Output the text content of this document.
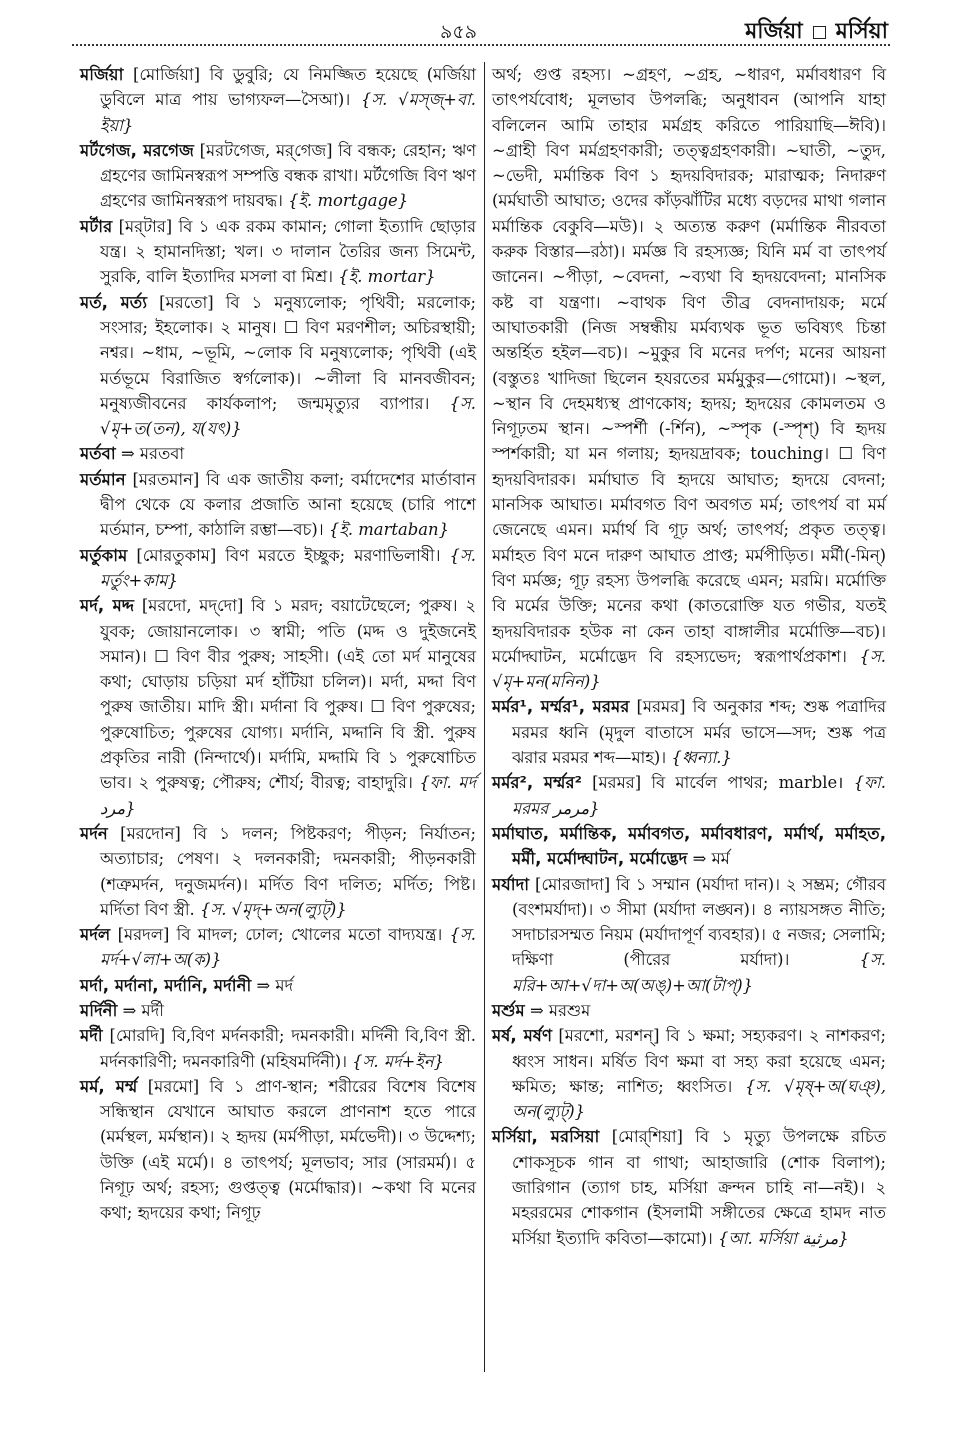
৯৫৯	মর্জিয়া মর্সিয়া
মর্জিয়া [মোর্জিয়া] বি ডুবুরি; যে নিমজ্জিত হয়েছে (মর্জিয়া ডুবিলে মাত্র পায় ভাগ্যফল—সৈআ)। {স. √মস্‌জ্‌+বা. ইয়া}
মর্টগেজ, মরগেজ [মরটগেজ, মর্‌গেজ] বি বন্ধক; রেহান; ঋণ গ্রহণের জামিনস্বরূপ সম্পত্তি বন্ধক রাখা। মর্টগেজি বিণ ঋণ গ্রহণের জামিনস্বরূপ দায়বদ্ধ। {ই. mortgage}
মর্টার [মর্‌টার] বি ১ এক রকম কামান; গোলা ইত্যাদি ছোড়ার যন্ত্র। ২ হামানদিস্তা; খল। ৩ দালান তৈরির জন্য সিমেন্ট, সুরকি, বালি ইত্যাদির মসলা বা মিশ্র। {ই. mortar}
মর্ত, মর্ত্য [মরতো] বি ১ মনুষ্যলোক; পৃথিবী; মরলোক; সংসার; ইহলোক। ২ মানুষ। ☐ বিণ মরণশীল; অচিরস্থায়ী; নশ্বর। ~ধাম, ~ভূমি, ~লোক বি মনুষ্যলোক; পৃথিবী (এই মর্তভূমে বিরাজিত স্বর্গলোক)। ~লীলা বি মানবজীবন; মনুষ্যজীবনের কার্যকলাপ; জন্মমৃত্যুর ব্যাপার। {স. √মৃ+ত(তন), য(যৎ)}
মর্তবা ⇒ মরতবা
মর্তমান [মরতমান] বি এক জাতীয় কলা; বর্মাদেশের মার্তাবান দ্বীপ থেকে যে কলার প্রজাতি আনা হয়েছে (চারি পাশে মর্তমান, চম্পা, কাঠালি রম্ভা—বচ)। {ই. martaban}
মর্তুকাম [মোরতুকাম] বিণ মরতে ইচ্ছুক; মরণাভিলাষী। {স. মর্তুং+কাম}
মর্দ, মদ্দ [মরদো, মদ্‌দো] বি ১ মরদ; বয়াটেছেলে; পুরুষ। ২ যুবক; জোয়ানলোক। ৩ স্বামী; পতি (মদ্দ ও দুইজনেই সমান)। ☐ বিণ বীর পুরুষ; সাহসী। (এই তো মর্দ মানুষের কথা; ঘোড়ায় চড়িয়া মর্দ হাঁটিয়া চলিল)। মর্দা, মদ্দা বিণ পুরুষ জাতীয়। মাদি স্ত্রী। মর্দানা বি পুরুষ। ☐ বিণ পুরুষের; পুরুষোচিত; পুরুষের যোগ্য। মর্দানি, মদ্দানি বি স্ত্রী. পুরুষ প্রকৃতির নারী (নিন্দার্থে)। মর্দামি, মদ্দামি বি ১ পুরুষোচিত ভাব। ২ পুরুষত্ব; পৌরুষ; শৌর্য; বীরত্ব; বাহাদুরি। {ফা. মর্দ مرد}
মর্দন [মরদোন] বি ১ দলন; পিষ্টকরণ; পীড়ন; নির্যাতন; অত্যাচার; পেষণ। ২ দলনকারী; দমনকারী; পীড়নকারী (শত্রুমর্দন, দনুজমর্দন)। মর্দিত বিণ দলিত; মর্দিত; পিষ্ট। মর্দিতা বিণ স্ত্রী. {স. √মৃদ্‌+অন(ল্যুট্)}
মর্দল [মরদল] বি মাদল; ঢোল; খোলের মতো বাদ্যযন্ত্র। {স. মর্দ+√লা+অ(ক)}
মর্দা, মর্দানা, মর্দানি, মর্দানী ⇒ মর্দ
মর্দিনী ⇒ মর্দী
মর্দী [মোরদি] বি,বিণ মর্দনকারী; দমনকারী। মর্দিনী বি,বিণ স্ত্রী. মর্দনকারিণী; দমনকারিণী (মহিষমর্দিনী)। {স. মর্দ+ইন}
মর্ম, মর্ম্ম [মরমো] বি ১ প্রাণ-স্থান; শরীরের বিশেষ বিশেষ সন্ধিস্থান যেখানে আঘাত করলে প্রাণনাশ হতে পারে (মর্মস্থল, মর্মস্থান)। ২ হৃদয় (মর্মপীড়া, মর্মভেদী)। ৩ উদ্দেশ্য; উক্তি (এই মর্মে)। ৪ তাৎপর্য; মূলভাব; সার (সারমর্ম)। ৫ নিগূঢ় অর্থ; রহস্য; গুপ্তত্ত্ব (মর্মোদ্ধার)। ~কথা বি মনের কথা; হৃদয়ের কথা; নিগূঢ়
অর্থ; গুপ্ত রহস্য। ~গ্রহণ, ~গ্রহ, ~ধারণ, মর্মাবধারণ বি তাৎপর্যবোধ; মূলভাব উপলব্ধি; অনুধাবন (আপনি যাহা বলিলেন আমি তাহার মর্মগ্রহ করিতে পারিয়াছি—ঈবি)। ~গ্রাহী বিণ মর্মগ্রহণকারী; তত্ত্বগ্রহণকারী। ~ঘাতী, ~তুদ, ~ভেদী, মর্মান্তিক বিণ ১ হৃদয়বিদারক; মারাত্মক; নিদারুণ (মর্মঘাতী আঘাত; ওদের কাঁড়ঝাঁটির মধ্যে বড়দের মাথা গলান মর্মান্তিক বেকুবি—মউ)। ২ অত্যন্ত করুণ (মর্মান্তিক নীরবতা করুক বিস্তার—রঠা)। মর্মজ্ঞ বি রহস্যজ্ঞ; যিনি মর্ম বা তাৎপর্য জানেন। ~পীড়া, ~বেদনা, ~ব্যথা বি হৃদয়বেদনা; মানসিক কষ্ট বা যন্ত্রণা। ~বাথক বিণ তীব্র বেদনাদায়ক; মর্মে আঘাতকারী (নিজ সম্বন্ধীয় মর্মব্যথক ভূত ভবিষ্যৎ চিন্তা অন্তর্হিত হইল—বচ)। ~মুকুর বি মনের দর্পণ; মনের আয়না (বস্তুতঃ খাদিজা ছিলেন হযরতের মর্মমুকুর—গোমো)। ~স্থল, ~স্থান বি দেহমধ্যস্থ প্রাণকোষ; হৃদয়; হৃদয়ের কোমলতম ও নিগূঢ়তম স্থান। ~স্পর্শী (-র্শিন), ~স্পৃক (-স্পৃশ্) বি হৃদয় স্পর্শকারী; যা মন গলায়; হৃদয়দ্রাবক; touching। ☐ বিণ হৃদয়বিদারক। মর্মাঘাত বি হৃদয়ে আঘাত; হৃদয়ে বেদনা; মানসিক আঘাত। মর্মাবগত বিণ অবগত মর্ম; তাৎপর্য বা মর্ম জেনেছে এমন। মর্মার্থ বি গূঢ় অর্থ; তাৎপর্য; প্রকৃত তত্ত্ব। মর্মাহত বিণ মনে দারুণ আঘাত প্রাপ্ত; মর্মপীড়িত। মর্মী(-মিন্‌) বিণ মর্মজ্ঞ; গূঢ় রহস্য উপলব্ধি করেছে এমন; মরমি। মর্মোক্তি বি মর্মের উক্তি; মনের কথা (কাতরোক্তি যত গভীর, যতই হৃদয়বিদারক হউক না কেন তাহা বাঙ্গালীর মর্মোক্তি—বচ)। মর্মোদ্ঘাটন, মর্মোদ্ভেদ বি রহস্যভেদ; স্বরূপার্থপ্রকাশ। {স. √মৃ+মন(মনিন)}
মর্মর¹, মর্ম্মর¹, মরমর [মরমর] বি অনুকার শব্দ; শুষ্ক পত্রাদির মরমর ধ্বনি (মৃদুল বাতাসে মর্মর ভাসে—সদ; শুষ্ক পত্র ঝরার মরমর শব্দ—মাহ)। {ধ্বন্যা.}
মর্মর², মর্ম্মর² [মরমর] বি মার্বেল পাথর; marble। {ফা. মরমর مرمر}
মর্মাঘাত, মর্মান্তিক, মর্মাবগত, মর্মাবধারণ, মর্মার্থ, মর্মাহত, মর্মী, মর্মোদ্ঘাটন, মর্মোদ্ভেদ ⇒ মর্ম
মর্যাদা [মোরজাদা] বি ১ সম্মান (মর্যাদা দান)। ২ সম্ভ্রম; গৌরব (বংশমর্যাদা)। ৩ সীমা (মর্যাদা লঙ্ঘন)। ৪ ন্যায়সঙ্গত নীতি; সদাচারসম্মত নিয়ম (মর্যাদাপূর্ণ ব্যবহার)। ৫ নজর; সেলামি; দক্ষিণা (পীরের মর্যাদা)।	{স. মরি+আ+√দা+অ(অঙ্)+আ(টাপ্)}
মর্শুম ⇒ মরশুম
মর্ষ, মর্ষণ [মরশো, মরশন্] বি ১ ক্ষমা; সহ্যকরণ। ২ নাশকরণ; ধ্বংস সাধন। মর্ষিত বিণ ক্ষমা বা সহ্য করা হয়েছে এমন; ক্ষমিত; ক্ষান্ত; নাশিত; ধ্বংসিত। {স. √মৃষ্‌+অ(ঘঞ্), অন(ল্যুট্)}
মর্সিয়া, মরসিয়া [মোর্‌শিয়া] বি ১ মৃত্যু উপলক্ষে রচিত শোকসূচক গান বা গাথা; আহাজারি (শোক বিলাপ); জারিগান (ত্যাগ চাহ, মর্সিয়া ক্রন্দন চাহি না—নই)। ২ মহররমের শোকগান (ইসলামী সঙ্গীতের ক্ষেত্রে হামদ নাত মর্সিয়া ইত্যাদি কবিতা—কামো)। {আ. মর্সিয়া مرثية}
